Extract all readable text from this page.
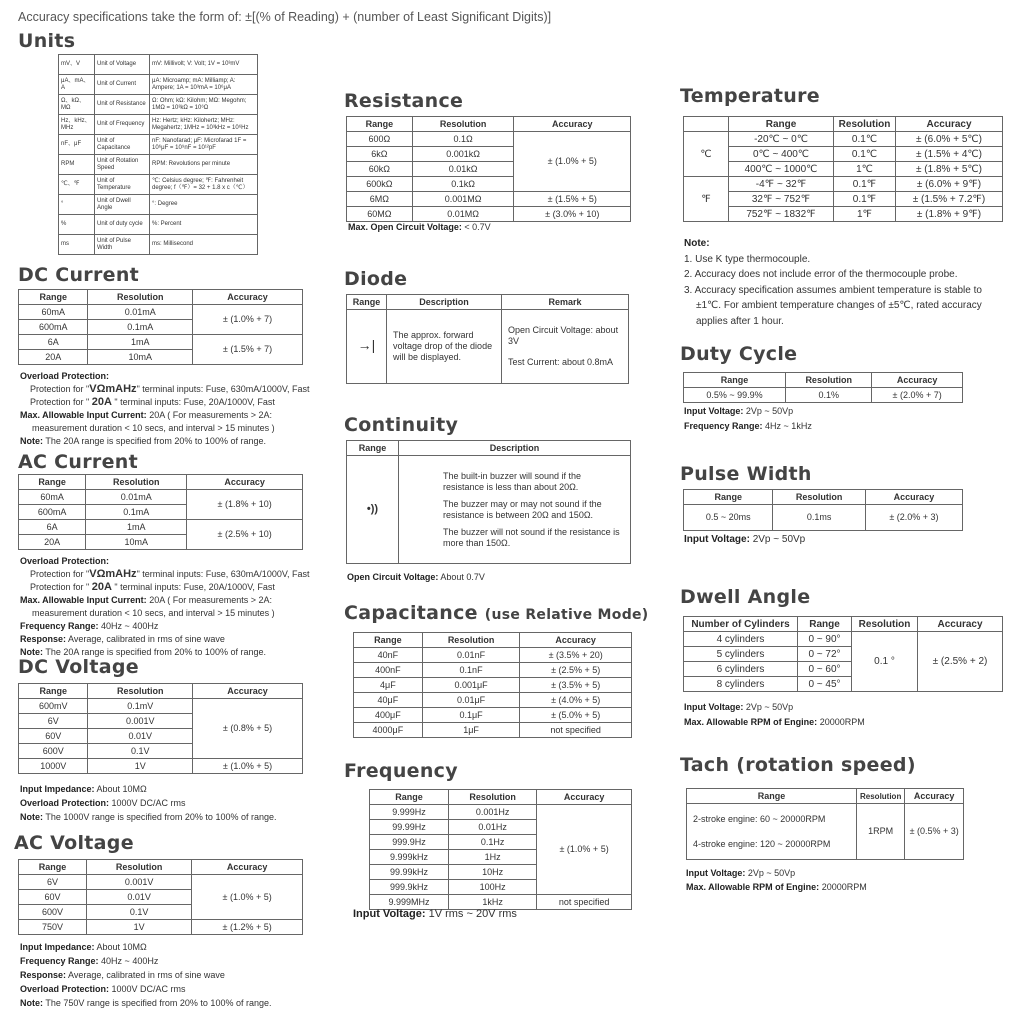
Accuracy specifications take the form of: ±[(% of Reading) + (number of Least Significant Digits)]
Units
mV、V	Unit of Voltage	mV: Millivolt; V: Volt; 1V = 10³mV
μA、mA、A	Unit of Current	μA: Microamp; mA: Milliamp; A: Ampere; 1A = 10³mA = 10⁶μA
Ω、kΩ、MΩ	Unit of Resistance	Ω: Ohm; kΩ: Kilohm; MΩ: Megohm; 1MΩ = 10³kΩ = 10⁶Ω
Hz、kHz、MHz	Unit of Frequency	Hz: Hertz; kHz: Kilohertz; MHz: Megahertz; 1MHz = 10³kHz = 10⁶Hz
nF、μF	Unit of Capacitance	nF: Nanofarad; μF: Microfarad 1F = 10⁶μF = 10⁹nF = 10¹²pF
RPM	Unit of Rotation Speed	RPM: Revolutions per minute
℃、℉	Unit of Temperature	℃: Celsius degree; ℉: Fahrenheit degree; f（℉）= 32 + 1.8 x c（℃）
°	Unit of Dwell Angle	°: Degree
%	Unit of duty cycle	%: Percent
ms	Unit of Pulse Width	ms: Millisecond
DC Current
Range	Resolution	Accuracy
60mA	0.01mA	± (1.0% + 7)
600mA	0.1mA	
6A	1mA	± (1.5% + 7)
20A	10mA	
Overload Protection:
Protection for "VΩmAHz" terminal inputs: Fuse, 630mA/1000V, Fast
Protection for " 20A " terminal inputs: Fuse, 20A/1000V, Fast
Max. Allowable Input Current: 20A ( For measurements > 2A:
measurement duration < 10 secs, and interval > 15 minutes )
Note: The 20A range is specified from 20% to 100% of range.
AC Current
Range	Resolution	Accuracy
60mA	0.01mA	± (1.8% + 10)
600mA	0.1mA	
6A	1mA	± (2.5% + 10)
20A	10mA	
Overload Protection:
Protection for "VΩmAHz" terminal inputs: Fuse, 630mA/1000V, Fast
Protection for " 20A " terminal inputs: Fuse, 20A/1000V, Fast
Max. Allowable Input Current: 20A ( For measurements > 2A:
measurement duration < 10 secs, and interval > 15 minutes )
Frequency Range: 40Hz ~ 400Hz
Response: Average, calibrated in rms of sine wave
Note: The 20A range is specified from 20% to 100% of range.
DC Voltage
Range	Resolution	Accuracy
600mV	0.1mV	± (0.8% + 5)
6V	0.001V	
60V	0.01V	
600V	0.1V	
1000V	1V	± (1.0% + 5)
Input Impedance: About 10MΩ
Overload Protection: 1000V DC/AC rms
Note: The 1000V range is specified from 20% to 100% of range.
AC Voltage
Range	Resolution	Accuracy
6V	0.001V	± (1.0% + 5)
60V	0.01V	
600V	0.1V	
750V	1V	± (1.2% + 5)
Input Impedance: About 10MΩ
Frequency Range: 40Hz ~ 400Hz
Response: Average, calibrated in rms of sine wave
Overload Protection: 1000V DC/AC rms
Note: The 750V range is specified from 20% to 100% of range.
Resistance
Range	Resolution	Accuracy
600Ω	0.1Ω	± (1.0% + 5)
6kΩ	0.001kΩ	
60kΩ	0.01kΩ	
600kΩ	0.1kΩ	
6MΩ	0.001MΩ	± (1.5% + 5)
60MΩ	0.01MΩ	± (3.0% + 10)
Max. Open Circuit Voltage: < 0.7V
Diode
Range	Description	Remark
→|	The approx. forward voltage drop of the diode will be displayed.	Open Circuit Voltage: about 3V
Test Current: about 0.8mA
Continuity
Range	Description
•))	The built-in buzzer will sound if the resistance is less than about 20Ω.
The buzzer may or may not sound if the resistance is between 20Ω and 150Ω.
The buzzer will not sound if the resistance is more than 150Ω.
Open Circuit Voltage: About 0.7V
Capacitance (use Relative Mode)
Range	Resolution	Accuracy
40nF	0.01nF	± (3.5% + 20)
400nF	0.1nF	± (2.5% + 5)
4μF	0.001μF	± (3.5% + 5)
40μF	0.01μF	± (4.0% + 5)
400μF	0.1μF	± (5.0% + 5)
4000μF	1μF	not specified
Frequency
Range	Resolution	Accuracy
9.999Hz	0.001Hz	± (1.0% + 5)
99.99Hz	0.01Hz	
999.9Hz	0.1Hz	
9.999kHz	1Hz	
99.99kHz	10Hz	
999.9kHz	100Hz	
9.999MHz	1kHz	not specified
Input Voltage: 1V rms ~ 20V rms
Temperature
	Range	Resolution	Accuracy
℃	-20℃ ~ 0℃	0.1℃	± (6.0% + 5℃)
	0℃ ~ 400℃	0.1℃	± (1.5% + 4℃)
	400℃ ~ 1000℃	1℃	± (1.8% + 5℃)
℉	-4℉ ~ 32℉	0.1℉	± (6.0% + 9℉)
	32℉ ~ 752℉	0.1℉	± (1.5% + 7.2℉)
	752℉ ~ 1832℉	1℉	± (1.8% + 9℉)
Note:
1. Use K type thermocouple.
2. Accuracy does not include error of the thermocouple probe.
3. Accuracy specification assumes ambient temperature is stable to
±1℃. For ambient temperature changes of ±5℃, rated accuracy
applies after 1 hour.
Duty Cycle
Range	Resolution	Accuracy
0.5% ~ 99.9%	0.1%	± (2.0% + 7)
Input Voltage: 2Vp ~ 50Vp
Frequency Range: 4Hz ~ 1kHz
Pulse Width
Range	Resolution	Accuracy
0.5 ~ 20ms	0.1ms	± (2.0% + 3)
Input Voltage: 2Vp ~ 50Vp
Dwell Angle
Number of Cylinders	Range	Resolution	Accuracy
4 cylinders	0 ~ 90°	0.1 °	± (2.5% + 2)
5 cylinders	0 ~ 72°		
6 cylinders	0 ~ 60°		
8 cylinders	0 ~ 45°		
Input Voltage: 2Vp ~ 50Vp
Max. Allowable RPM of Engine: 20000RPM
Tach (rotation speed)
Range	Resolution	Accuracy

2-stroke engine: 60 ~ 20000RPM
4-stroke engine: 120 ~ 20000RPM	1RPM	± (0.5% + 3)
Input Voltage: 2Vp ~ 50Vp
Max. Allowable RPM of Engine: 20000RPM
